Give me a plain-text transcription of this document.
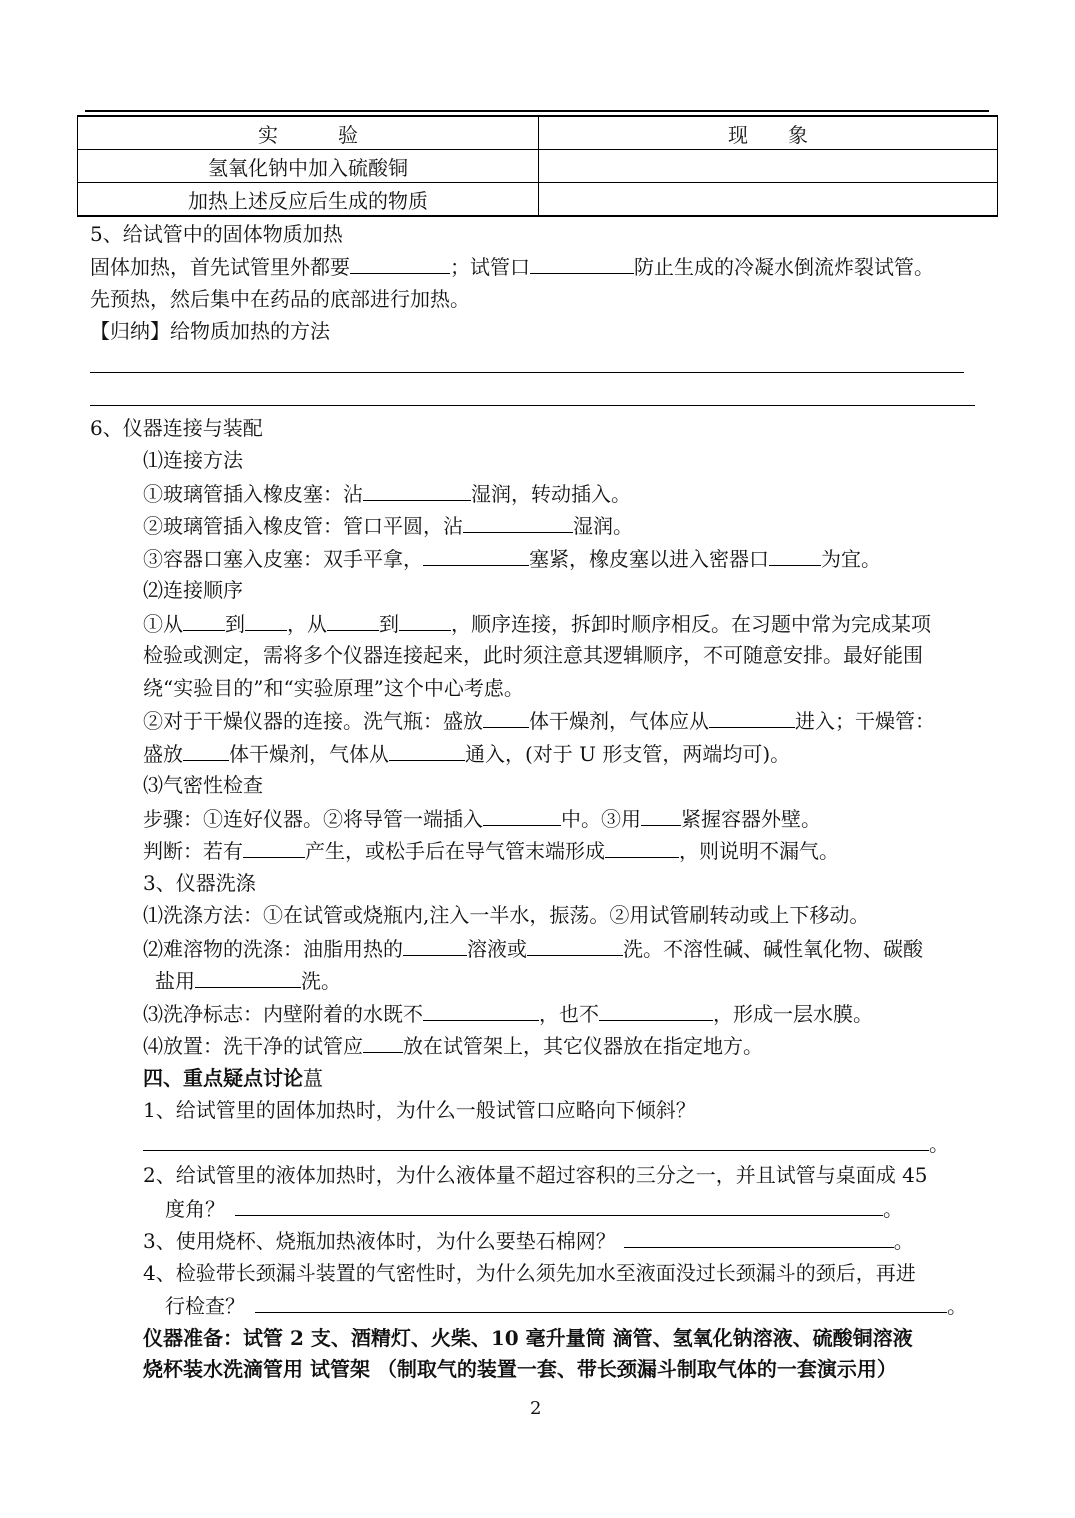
实　　　验	现　　象
氢氧化钠中加入硫酸铜	
加热上述反应后生成的物质	
5、给试管中的固体物质加热
固体加热，首先试管里外都要	；试管口	防止生成的冷凝水倒流炸裂试管。
先预热，然后集中在药品的底部进行加热。
【归纳】给物质加热的方法
6、仪器连接与装配
⑴连接方法
①玻璃管插入橡皮塞：沾	湿润，转动插入。
②玻璃管插入橡皮管：管口平圆，沾	湿润。
③容器口塞入皮塞：双手平拿，	塞紧，橡皮塞以进入密器口	为宜。
⑵连接顺序
①从 到 ，从	到	，顺序连接，拆卸时顺序相反。在习题中常为完成某项
检验或测定，需将多个仪器连接起来，此时须注意其逻辑顺序，不可随意安排。最好能围
绕“实验目的”和“实验原理”这个中心考虑。
②对于干燥仪器的连接。洗气瓶：盛放 体干燥剂，气体应从	进入；干燥管：
盛放 体干燥剂，气体从	通入，(对于 U 形支管，两端均可)。
⑶气密性检查
步骤：①连好仪器。②将导管一端插入	中。③用 紧握容器外壁。
判断：若有	产生，或松手后在导气管末端形成	，则说明不漏气。
3、仪器洗涤
⑴洗涤方法：①在试管或烧瓶内,注入一半水，振荡。②用试管刷转动或上下移动。
⑵难溶物的洗涤：油脂用热的	溶液或	洗。不溶性碱、碱性氧化物、碳酸
盐用	洗。
⑶洗净标志：内壁附着的水既不	，也不	，形成一层水膜。
⑷放置：洗干净的试管应 放在试管架上，其它仪器放在指定地方。
四、重点疑点讨论蒀
1、给试管里的固体加热时，为什么一般试管口应略向下倾斜？
。
2、给试管里的液体加热时，为什么液体量不超过容积的三分之一，并且试管与桌面成 45
度角？	。
3、使用烧杯、烧瓶加热液体时，为什么要垫石棉网？	。
4、检验带长颈漏斗装置的气密性时，为什么须先加水至液面没过长颈漏斗的颈后，再进
行检查？	。
仪器准备：试管 2 支、酒精灯、火柴、10 毫升量筒 滴管、氢氧化钠溶液、硫酸铜溶液
烧杯装水洗滴管用 试管架 （制取气的装置一套、带长颈漏斗制取气体的一套演示用）
2
